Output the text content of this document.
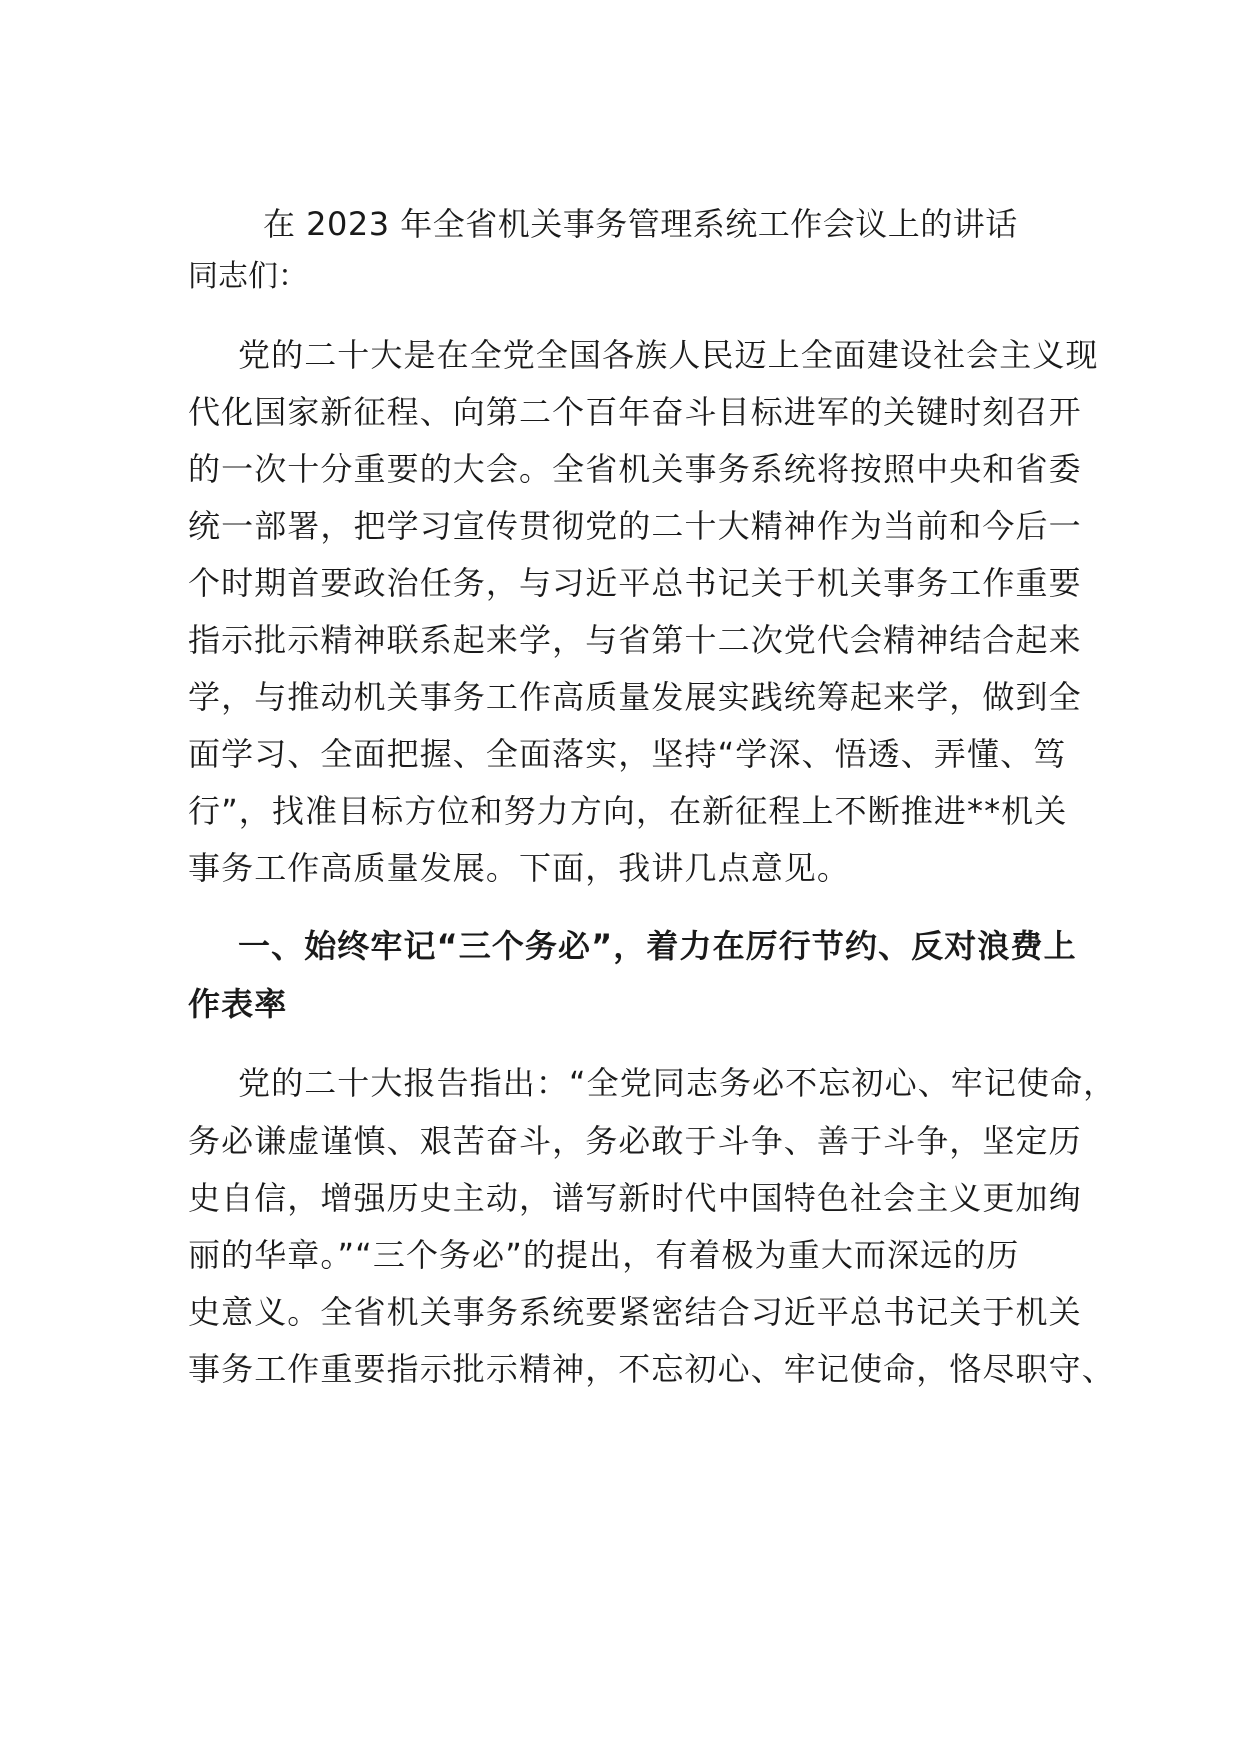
在 2023 年全省机关事务管理系统工作会议上的讲话
同志们：
党的二十大是在全党全国各族人民迈上全面建设社会主义现
代化国家新征程、向第二个百年奋斗目标进军的关键时刻召开
的一次十分重要的大会。全省机关事务系统将按照中央和省委
统一部署，把学习宣传贯彻党的二十大精神作为当前和今后一
个时期首要政治任务，与习近平总书记关于机关事务工作重要
指示批示精神联系起来学，与省第十二次党代会精神结合起来
学，与推动机关事务工作高质量发展实践统筹起来学，做到全
面学习、全面把握、全面落实，坚持“学深、悟透、弄懂、笃
行”，找准目标方位和努力方向，在新征程上不断推进**机关
事务工作高质量发展。下面，我讲几点意见。
一、始终牢记“三个务必”，着力在厉行节约、反对浪费上
作表率
党的二十大报告指出：“全党同志务必不忘初心、牢记使命，
务必谦虚谨慎、艰苦奋斗，务必敢于斗争、善于斗争，坚定历
史自信，增强历史主动，谱写新时代中国特色社会主义更加绚
丽的华章。”“三个务必”的提出，有着极为重大而深远的历
史意义。全省机关事务系统要紧密结合习近平总书记关于机关
事务工作重要指示批示精神，不忘初心、牢记使命，恪尽职守、
